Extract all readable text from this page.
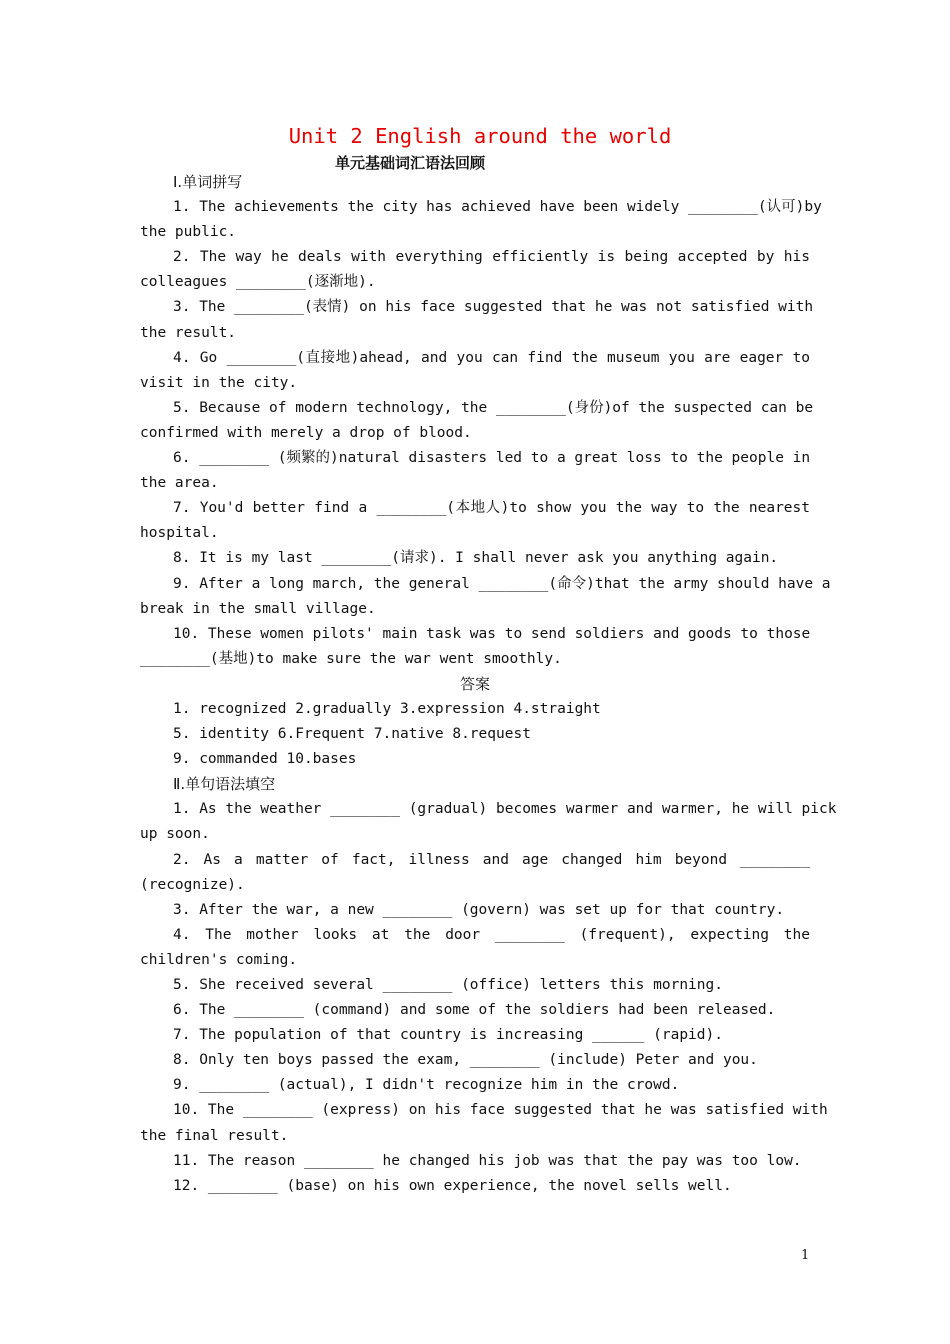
Unit 2 English around the world
单元基础词汇语法回顾
Ⅰ.单词拼写
1. The achievements the city has achieved have been widely ________(认可)by
the public.
2. The way he deals with everything efficiently is being accepted by his
colleagues ________(逐渐地).
3. The ________(表情) on his face suggested that he was not satisfied with
the result.
4. Go ________(直接地)ahead, and you can find the museum you are eager to
visit in the city.
5. Because of modern technology, the ________(身份)of the suspected can be
confirmed with merely a drop of blood.
6. ________ (频繁的)natural disasters led to a great loss to the people in
the area.
7. You'd better find a ________(本地人)to show you the way to the nearest
hospital.
8. It is my last ________(请求). I shall never ask you anything again.
9. After a long march, the general ________(命令)that the army should have a
break in the small village.
10. These women pilots' main task was to send soldiers and goods to those
________(基地)to make sure the war went smoothly.
答案
1. recognized 2.gradually 3.expression 4.straight
5. identity 6.Frequent 7.native 8.request
9. commanded 10.bases
Ⅱ.单句语法填空
1. As the weather ________ (gradual) becomes warmer and warmer, he will pick
up soon.
2. As a matter of fact, illness and age changed him beyond ________
(recognize).
3. After the war, a new ________ (govern) was set up for that country.
4. The mother looks at the door ________ (frequent), expecting the
children's coming.
5. She received several ________ (office) letters this morning.
6. The ________ (command) and some of the soldiers had been released.
7. The population of that country is increasing ______ (rapid).
8. Only ten boys passed the exam, ________ (include) Peter and you.
9. ________ (actual), I didn't recognize him in the crowd.
10. The ________ (express) on his face suggested that he was satisfied with
the final result.
11. The reason ________ he changed his job was that the pay was too low.
12. ________ (base) on his own experience, the novel sells well.
1
